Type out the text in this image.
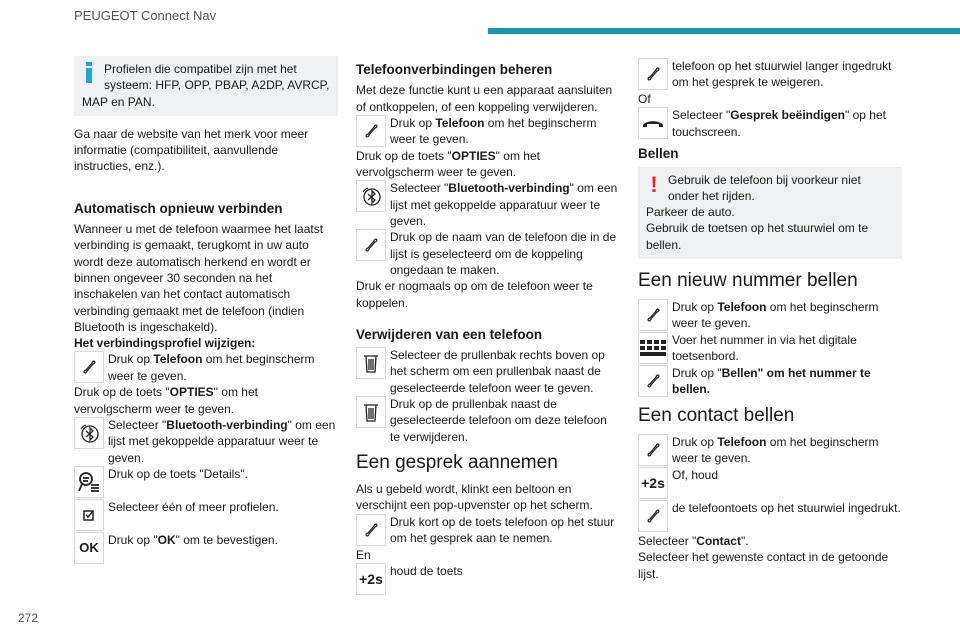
PEUGEOT Connect Nav
Profielen die compatibel zijn met het systeem: HFP, OPP, PBAP, A2DP, AVRCP, MAP en PAN.
Ga naar de website van het merk voor meer informatie (compatibiliteit, aanvullende instructies, enz.).
Automatisch opnieuw verbinden
Wanneer u met de telefoon waarmee het laatst verbinding is gemaakt, terugkomt in uw auto wordt deze automatisch herkend en wordt er binnen ongeveer 30 seconden na het inschakelen van het contact automatisch verbinding gemaakt met de telefoon (indien Bluetooth is ingeschakeld).
Het verbindingsprofiel wijzigen:
Druk op Telefoon om het beginscherm weer te geven.
Druk op de toets "OPTIES" om het vervolgscherm weer te geven.
Selecteer "Bluetooth-verbinding" om een lijst met gekoppelde apparatuur weer te geven.
Druk op de toets "Details".
Selecteer één of meer profielen.
OK Druk op "OK" om te bevestigen.
Telefoonverbindingen beheren
Met deze functie kunt u een apparaat aansluiten of ontkoppelen, of een koppeling verwijderen.
Druk op Telefoon om het beginscherm weer te geven.
Druk op de toets "OPTIES" om het vervolgscherm weer te geven.
Selecteer "Bluetooth-verbinding" om een lijst met gekoppelde apparatuur weer te geven.
Druk op de naam van de telefoon die in de lijst is geselecteerd om de koppeling ongedaan te maken.
Druk er nogmaals op om de telefoon weer te koppelen.
Verwijderen van een telefoon
Selecteer de prullenbak rechts boven op het scherm om een prullenbak naast de geselecteerde telefoon weer te geven.
Druk op de prullenbak naast de geselecteerde telefoon om deze telefoon te verwijderen.
Een gesprek aannemen
Als u gebeld wordt, klinkt een beltoon en verschijnt een pop-upvenster op het scherm.
Druk kort op de toets telefoon op het stuur om het gesprek aan te nemen.
En
+2s houd de toets
telefoon op het stuurwiel langer ingedrukt om het gesprek te weigeren.
Of
Selecteer "Gesprek beëindigen" op het touchscreen.
Bellen
! Gebruik de telefoon bij voorkeur niet onder het rijden.
Parkeer de auto.
Gebruik de toetsen op het stuurwiel om te bellen.
Een nieuw nummer bellen
Druk op Telefoon om het beginscherm weer te geven.
Voer het nummer in via het digitale toetsenbord.
Druk op "Bellen" om het nummer te bellen.
Een contact bellen
Druk op Telefoon om het beginscherm weer te geven.
+2s Of, houd
de telefoontoets op het stuurwiel ingedrukt.
Selecteer "Contact".
Selecteer het gewenste contact in de getoonde lijst.
272
